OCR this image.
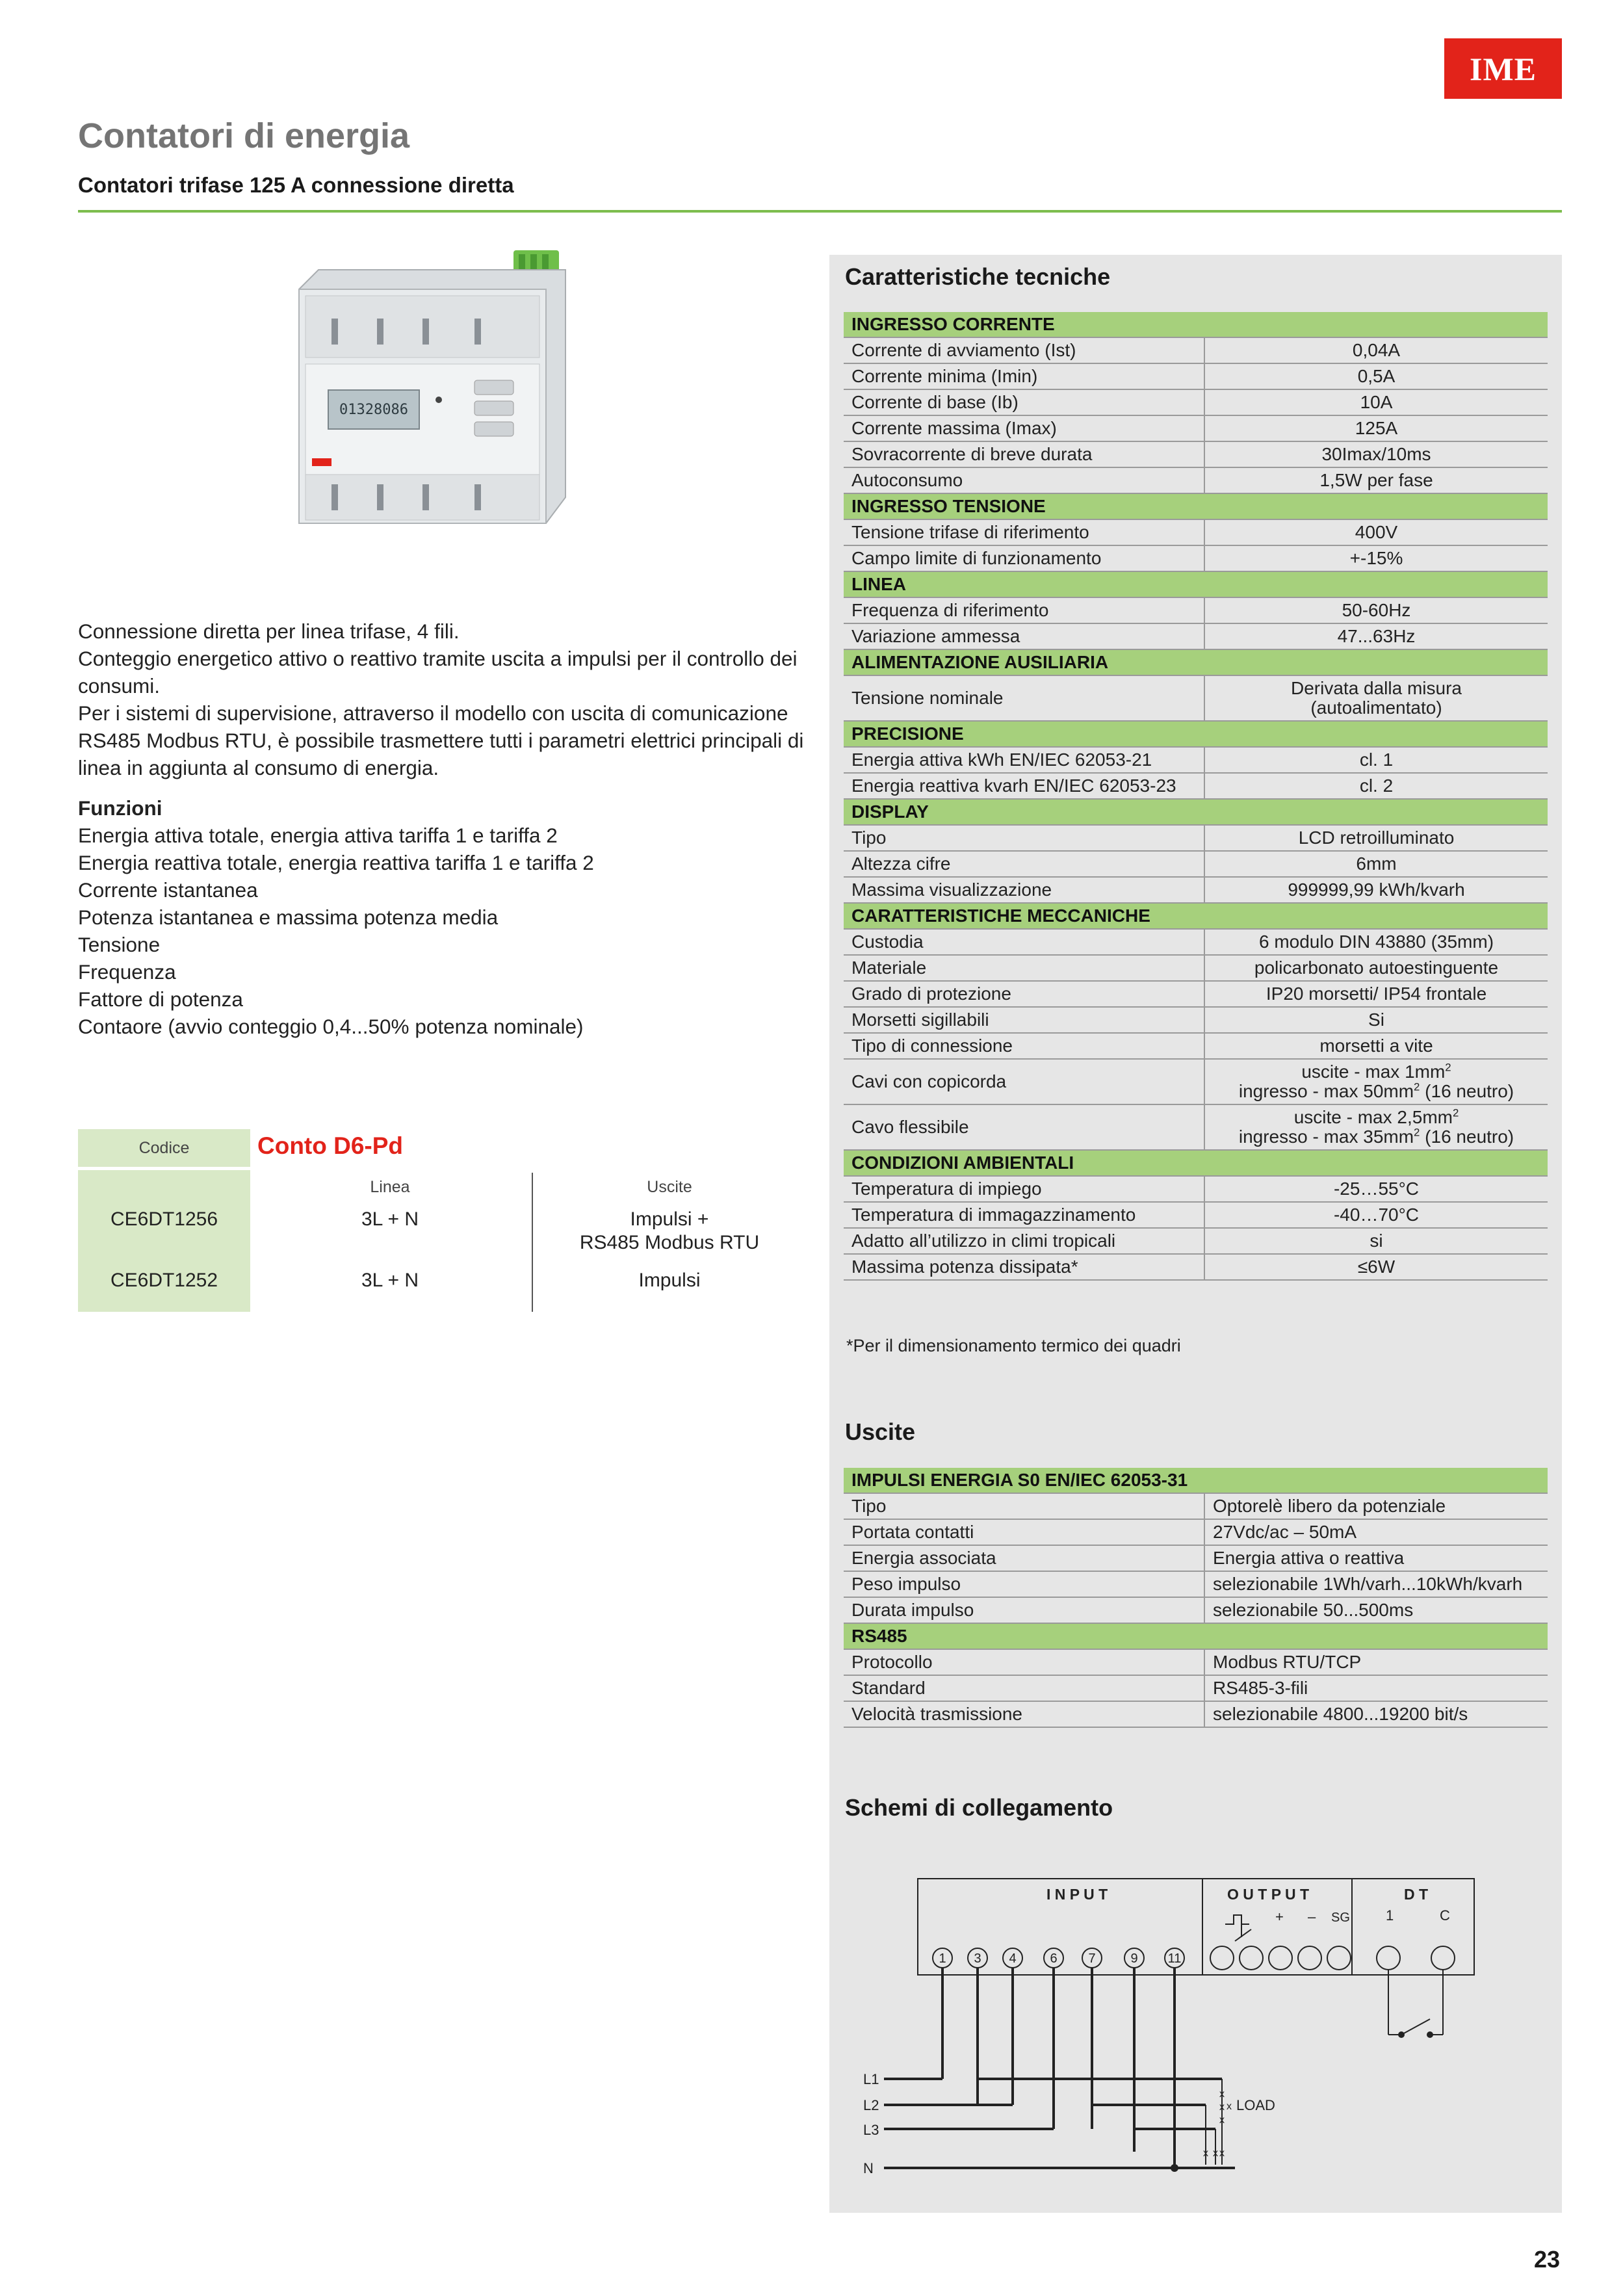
IME
Contatori di energia
Contatori trifase 125 A connessione diretta
01328086

Connessione diretta per linea trifase, 4 fili.

Conteggio energetico attivo o reattivo tramite uscita a impulsi per il controllo dei consumi.

Per i sistemi di supervisione, attraverso il modello con uscita di comunicazione

RS485 Modbus RTU, è possibile trasmettere tutti i parametri elettrici principali di linea in aggiunta al consumo di energia.

Funzioni

Energia attiva totale, energia attiva tariffa 1 e tariffa 2

Energia reattiva totale, energia reattiva tariffa 1 e tariffa 2

Corrente istantanea

Potenza istantanea e massima potenza media

Tensione

Frequenza

Fattore di potenza

Contaore (avvio conteggio 0,4...50% potenza nominale)

Codice	Conto D6-Pd
Linea	Uscite
CE6DT1256	3L + N	Impulsi +
RS485 Modbus RTU
CE6DT1252	3L + N	Impulsi
Caratteristiche tecniche
INGRESSO CORRENTE	
Corrente di avviamento (Ist)	0,04A
Corrente minima (Imin)	0,5A
Corrente di base (Ib)	10A
Corrente massima (Imax)	125A
Sovracorrente di breve durata	30Imax/10ms
Autoconsumo	1,5W per fase
INGRESSO TENSIONE	
Tensione trifase di riferimento	400V
Campo limite di funzionamento	+-15%
LINEA	
Frequenza di riferimento	50-60Hz
Variazione ammessa	47...63Hz
ALIMENTAZIONE AUSILIARIA	
Tensione nominale	Derivata dalla misura
(autoalimentato)

PRECISIONE	
Energia attiva kWh EN/IEC 62053-21	cl. 1
Energia reattiva kvarh EN/IEC 62053-23	cl. 2
DISPLAY	
Tipo	LCD retroilluminato
Altezza cifre	6mm
Massima visualizzazione	999999,99 kWh/kvarh
CARATTERISTICHE MECCANICHE	
Custodia	6 modulo DIN 43880 (35mm)
Materiale	policarbonato autoestinguente
Grado di protezione	IP20 morsetti/ IP54 frontale
Morsetti sigillabili	Si
Tipo di connessione	morsetti a vite
Cavi con copicorda	uscite - $\max 1mm^2$
ingresso - $\max 50mm^2$ (16 neutro)

Cavo flessibile	uscite - $\max 2,5mm^2$
ingresso - $\max 35mm^2$ (16 neutro)

CONDIZIONI AMBIENTALI	
Temperatura di impiego	-25…55°C
Temperatura di immagazzinamento	-40…70°C
Adatto all’utilizzo in climi tropicali	si
Massima potenza dissipata*	≤6W
*Per il dimensionamento termico dei quadri
Uscite
IMPULSI ENERGIA S0 EN/IEC 62053-31	
Tipo	Optorelè libero da potenziale
Portata contatti	27Vdc/ac – 50mA
Energia associata	Energia attiva o reattiva
Peso impulso	selezionabile 1Wh/varh...10kWh/kvarh
Durata impulso	selezionabile 50...500ms
RS485	
Protocollo	Modbus RTU/TCP
Standard	RS485-3-fili
Velocità trasmissione	selezionabile 4800...19200 bit/s
Schemi di collegamento
I N P U T	O U T P U T	D T
+ – SG	1	C
1 3 4	6 7	9 11
x
x
x
x
x x x
L1
L2
L3
N
LOAD
23
